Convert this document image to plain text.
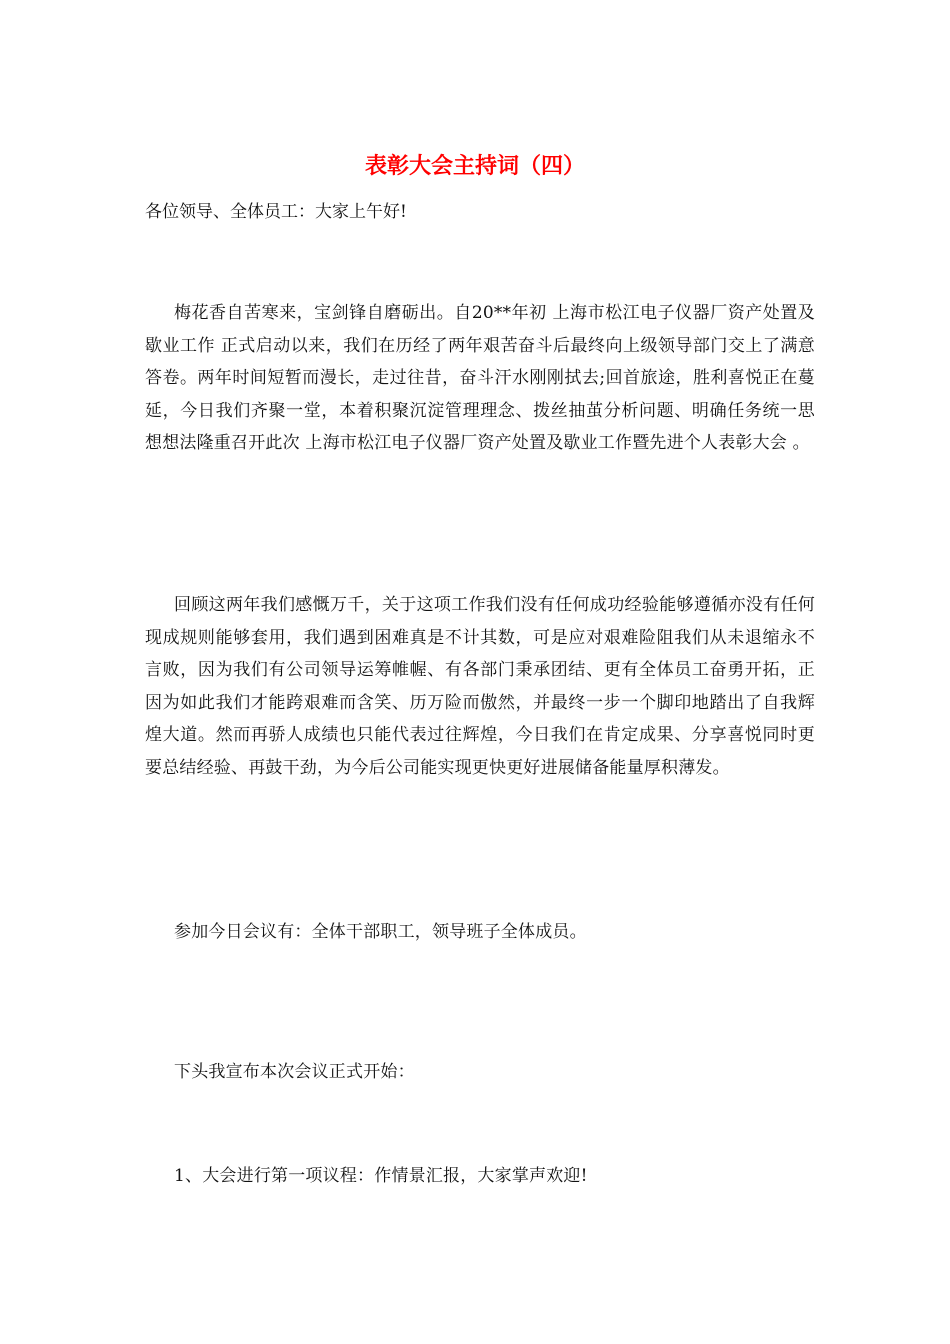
表彰大会主持词（四）
各位领导、全体员工：大家上午好!
梅花香自苦寒来，宝剑锋自磨砺出。自20**年初 上海市松江电子仪器厂资产处置及歇业工作 正式启动以来，我们在历经了两年艰苦奋斗后最终向上级领导部门交上了满意答卷。两年时间短暂而漫长，走过往昔，奋斗汗水刚刚拭去;回首旅途，胜利喜悦正在蔓延，今日我们齐聚一堂，本着积聚沉淀管理理念、拨丝抽茧分析问题、明确任务统一思想想法隆重召开此次 上海市松江电子仪器厂资产处置及歇业工作暨先进个人表彰大会 。
回顾这两年我们感慨万千，关于这项工作我们没有任何成功经验能够遵循亦没有任何现成规则能够套用，我们遇到困难真是不计其数，可是应对艰难险阻我们从未退缩永不言败，因为我们有公司领导运筹帷幄、有各部门秉承团结、更有全体员工奋勇开拓，正因为如此我们才能跨艰难而含笑、历万险而傲然，并最终一步一个脚印地踏出了自我辉煌大道。然而再骄人成绩也只能代表过往辉煌，今日我们在肯定成果、分享喜悦同时更要总结经验、再鼓干劲，为今后公司能实现更快更好进展储备能量厚积薄发。
参加今日会议有：全体干部职工，领导班子全体成员。
下头我宣布本次会议正式开始：
1、大会进行第一项议程：作情景汇报，大家掌声欢迎!
